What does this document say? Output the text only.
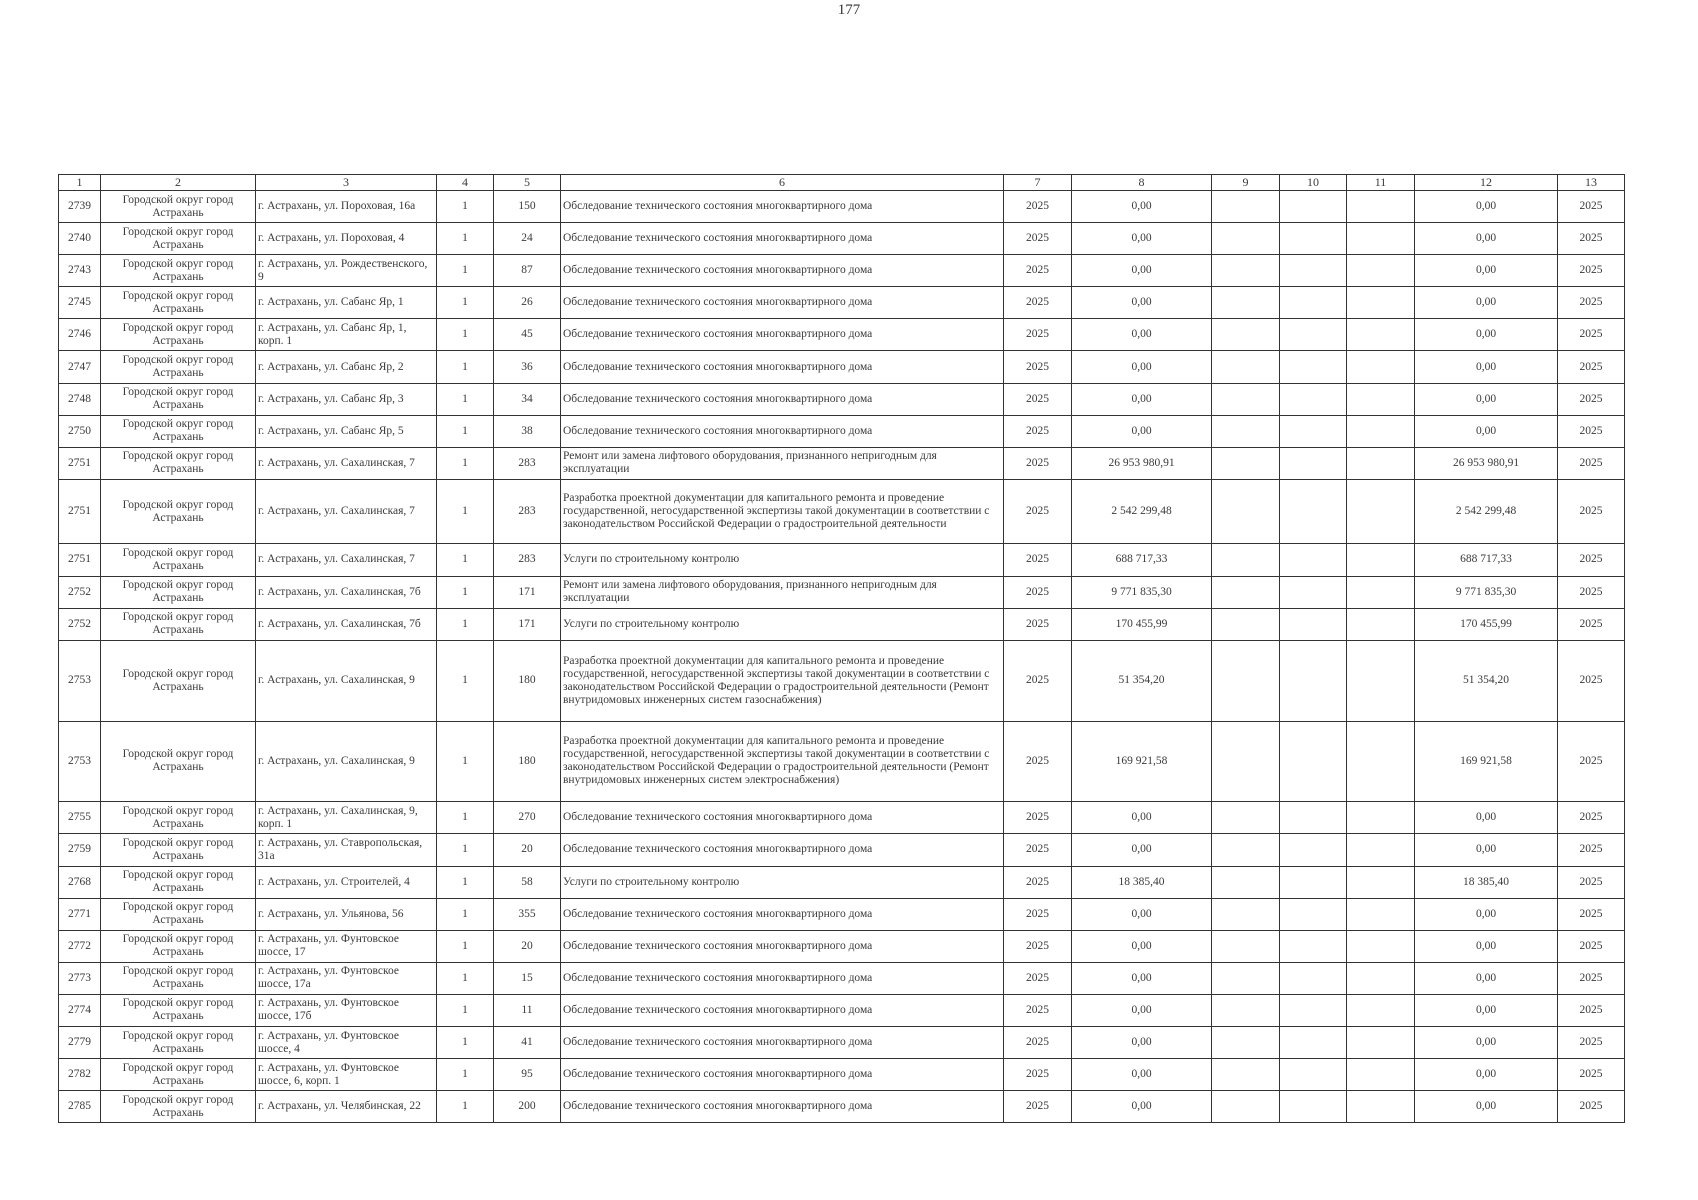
177
1	2	3	4	5	6	7	8	9	10	11	12	13
2739	Городской округ город Астрахань	г. Астрахань, ул. Пороховая, 16а	1	150	Обследование технического состояния многоквартирного дома	2025	0,00				0,00	2025
2740	Городской округ город Астрахань	г. Астрахань, ул. Пороховая, 4	1	24	Обследование технического состояния многоквартирного дома	2025	0,00				0,00	2025
2743	Городской округ город Астрахань	г. Астрахань, ул. Рождественского, 9	1	87	Обследование технического состояния многоквартирного дома	2025	0,00				0,00	2025
2745	Городской округ город Астрахань	г. Астрахань, ул. Сабанс Яр, 1	1	26	Обследование технического состояния многоквартирного дома	2025	0,00				0,00	2025
2746	Городской округ город Астрахань	г. Астрахань, ул. Сабанс Яр, 1, корп. 1	1	45	Обследование технического состояния многоквартирного дома	2025	0,00				0,00	2025
2747	Городской округ город Астрахань	г. Астрахань, ул. Сабанс Яр, 2	1	36	Обследование технического состояния многоквартирного дома	2025	0,00				0,00	2025
2748	Городской округ город Астрахань	г. Астрахань, ул. Сабанс Яр, 3	1	34	Обследование технического состояния многоквартирного дома	2025	0,00				0,00	2025
2750	Городской округ город Астрахань	г. Астрахань, ул. Сабанс Яр, 5	1	38	Обследование технического состояния многоквартирного дома	2025	0,00				0,00	2025
2751	Городской округ город Астрахань	г. Астрахань, ул. Сахалинская, 7	1	283	Ремонт или замена лифтового оборудования, признанного непригодным для эксплуатации	2025	26 953 980,91				26 953 980,91	2025
2751	Городской округ город Астрахань	г. Астрахань, ул. Сахалинская, 7	1	283	Разработка проектной документации для капитального ремонта и проведение государственной, негосударственной экспертизы такой документации в соответствии с законодательством Российской Федерации о градостроительной деятельности	2025	2 542 299,48				2 542 299,48	2025
2751	Городской округ город Астрахань	г. Астрахань, ул. Сахалинская, 7	1	283	Услуги по строительному контролю	2025	688 717,33				688 717,33	2025
2752	Городской округ город Астрахань	г. Астрахань, ул. Сахалинская, 7б	1	171	Ремонт или замена лифтового оборудования, признанного непригодным для эксплуатации	2025	9 771 835,30				9 771 835,30	2025
2752	Городской округ город Астрахань	г. Астрахань, ул. Сахалинская, 7б	1	171	Услуги по строительному контролю	2025	170 455,99				170 455,99	2025
2753	Городской округ город Астрахань	г. Астрахань, ул. Сахалинская, 9	1	180	Разработка проектной документации для капитального ремонта и проведение государственной, негосударственной экспертизы такой документации в соответствии с законодательством Российской Федерации о градостроительной деятельности (Ремонт внутридомовых инженерных систем газоснабжения)	2025	51 354,20				51 354,20	2025
2753	Городской округ город Астрахань	г. Астрахань, ул. Сахалинская, 9	1	180	Разработка проектной документации для капитального ремонта и проведение государственной, негосударственной экспертизы такой документации в соответствии с законодательством Российской Федерации о градостроительной деятельности (Ремонт внутридомовых инженерных систем электроснабжения)	2025	169 921,58				169 921,58	2025
2755	Городской округ город Астрахань	г. Астрахань, ул. Сахалинская, 9, корп. 1	1	270	Обследование технического состояния многоквартирного дома	2025	0,00				0,00	2025
2759	Городской округ город Астрахань	г. Астрахань, ул. Ставропольская, 31а	1	20	Обследование технического состояния многоквартирного дома	2025	0,00				0,00	2025
2768	Городской округ город Астрахань	г. Астрахань, ул. Строителей, 4	1	58	Услуги по строительному контролю	2025	18 385,40				18 385,40	2025
2771	Городской округ город Астрахань	г. Астрахань, ул. Ульянова, 56	1	355	Обследование технического состояния многоквартирного дома	2025	0,00				0,00	2025
2772	Городской округ город Астрахань	г. Астрахань, ул. Фунтовское шоссе, 17	1	20	Обследование технического состояния многоквартирного дома	2025	0,00				0,00	2025
2773	Городской округ город Астрахань	г. Астрахань, ул. Фунтовское шоссе, 17а	1	15	Обследование технического состояния многоквартирного дома	2025	0,00				0,00	2025
2774	Городской округ город Астрахань	г. Астрахань, ул. Фунтовское шоссе, 17б	1	11	Обследование технического состояния многоквартирного дома	2025	0,00				0,00	2025
2779	Городской округ город Астрахань	г. Астрахань, ул. Фунтовское шоссе, 4	1	41	Обследование технического состояния многоквартирного дома	2025	0,00				0,00	2025
2782	Городской округ город Астрахань	г. Астрахань, ул. Фунтовское шоссе, 6, корп. 1	1	95	Обследование технического состояния многоквартирного дома	2025	0,00				0,00	2025
2785	Городской округ город Астрахань	г. Астрахань, ул. Челябинская, 22	1	200	Обследование технического состояния многоквартирного дома	2025	0,00				0,00	2025
